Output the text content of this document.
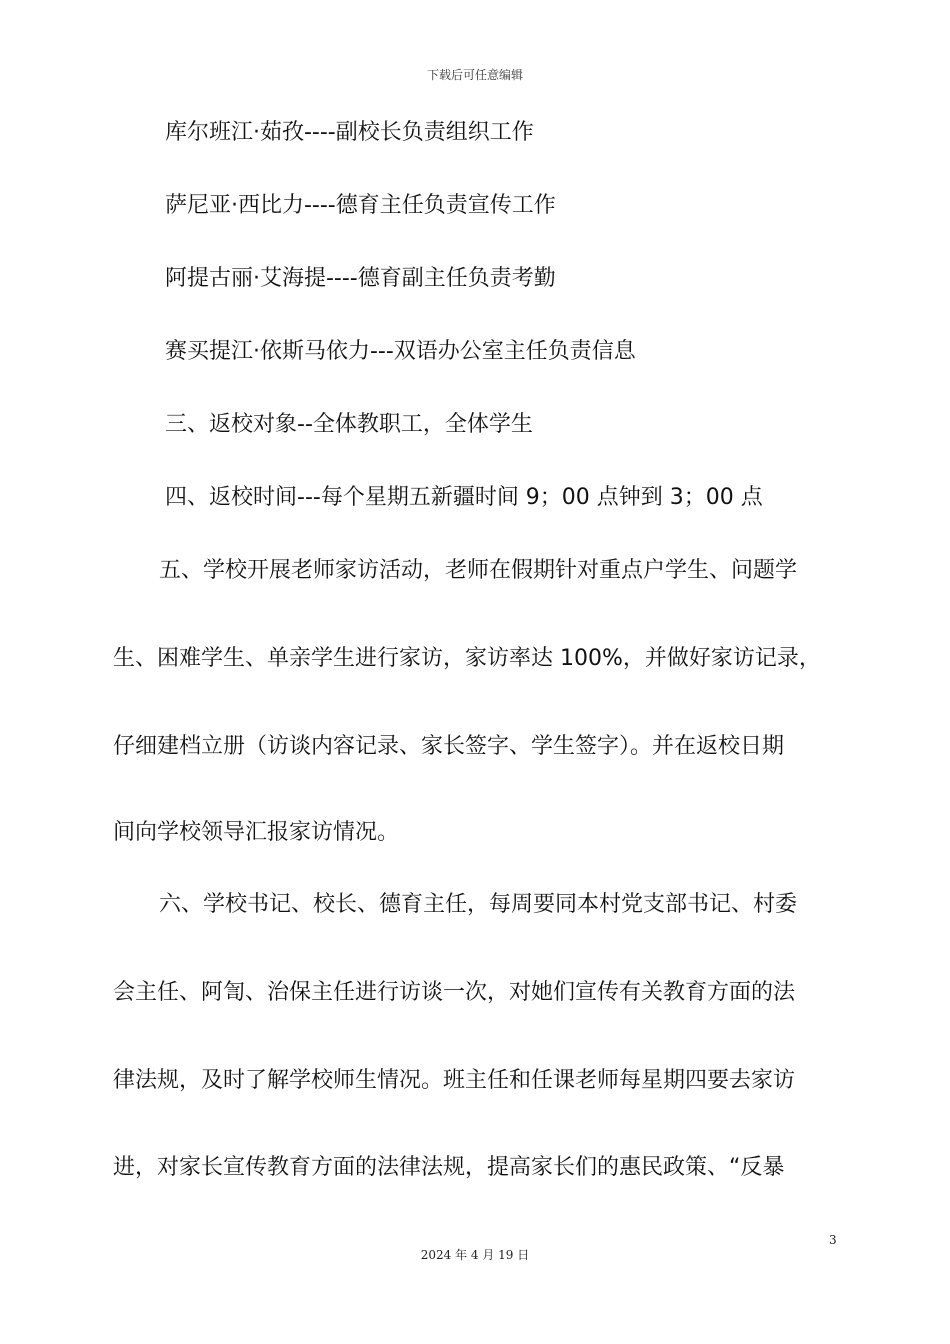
下载后可任意编辑
库尔班江·茹孜----副校长负责组织工作
萨尼亚·西比力----德育主任负责宣传工作
阿提古丽·艾海提----德育副主任负责考勤
赛买提江·依斯马依力---双语办公室主任负责信息
三、返校对象--全体教职工，全体学生
四、返校时间---每个星期五新疆时间 9；00 点钟到 3；00 点
五、学校开展老师家访活动，老师在假期针对重点户学生、问题学
生、困难学生、单亲学生进行家访，家访率达 100%，并做好家访记录，
仔细建档立册（访谈内容记录、家长签字、学生签字）。并在返校日期
间向学校领导汇报家访情况。
六、学校书记、校长、德育主任，每周要同本村党支部书记、村委
会主任、阿訇、治保主任进行访谈一次，对她们宣传有关教育方面的法
律法规，及时了解学校师生情况。班主任和任课老师每星期四要去家访
进，对家长宣传教育方面的法律法规，提高家长们的惠民政策、“反暴
3
2024 年 4 月 19 日
